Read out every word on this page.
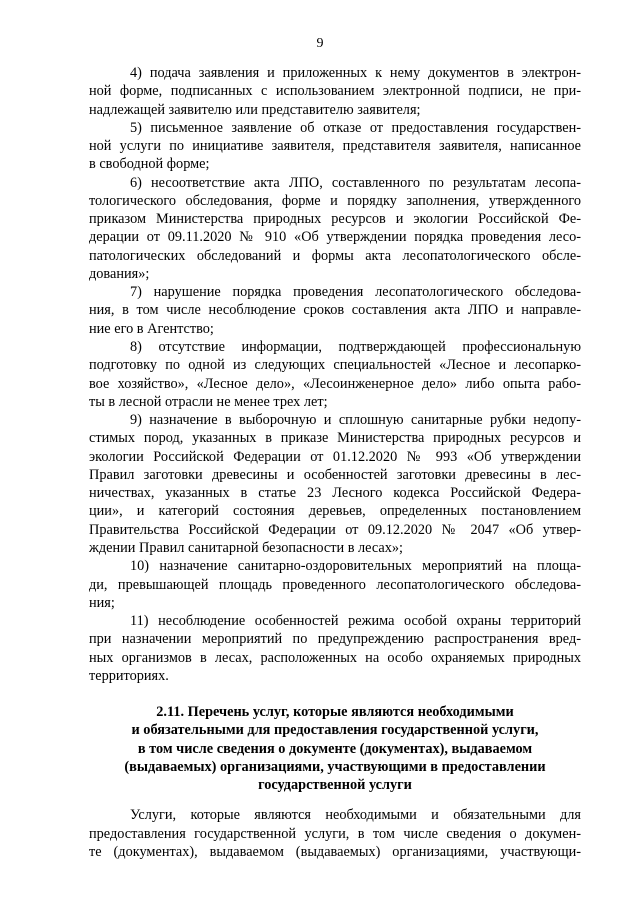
9
4) подача заявления и приложенных к нему документов в электрон-
ной форме, подписанных с использованием электронной подписи, не при-
надлежащей заявителю или представителю заявителя;
5) письменное заявление об отказе от предоставления государствен-
ной услуги по инициативе заявителя, представителя заявителя, написанное
в свободной форме;
6) несоответствие акта ЛПО, составленного по результатам лесопа-
тологического обследования, форме и порядку заполнения, утвержденного
приказом Министерства природных ресурсов и экологии Российской Фе-
дерации от 09.11.2020 № 910 «Об утверждении порядка проведения лесо-
патологических обследований и формы акта лесопатологического обсле-
дования»;
7) нарушение порядка проведения лесопатологического обследова-
ния, в том числе несоблюдение сроков составления акта ЛПО и направле-
ние его в Агентство;
8) отсутствие информации, подтверждающей профессиональную
подготовку по одной из следующих специальностей «Лесное и лесопарко-
вое хозяйство», «Лесное дело», «Лесоинженерное дело» либо опыта рабо-
ты в лесной отрасли не менее трех лет;
9) назначение в выборочную и сплошную санитарные рубки недопу-
стимых пород, указанных в приказе Министерства природных ресурсов и
экологии Российской Федерации от 01.12.2020 № 993 «Об утверждении
Правил заготовки древесины и особенностей заготовки древесины в лес-
ничествах, указанных в статье 23 Лесного кодекса Российской Федера-
ции», и категорий состояния деревьев, определенных постановлением
Правительства Российской Федерации от 09.12.2020 № 2047 «Об утвер-
ждении Правил санитарной безопасности в лесах»;
10) назначение санитарно-оздоровительных мероприятий на площа-
ди, превышающей площадь проведенного лесопатологического обследова-
ния;
11) несоблюдение особенностей режима особой охраны территорий
при назначении мероприятий по предупреждению распространения вред-
ных организмов в лесах, расположенных на особо охраняемых природных
территориях.
2.11. Перечень услуг, которые являются необходимыми
и обязательными для предоставления государственной услуги,
в том числе сведения о документе (документах), выдаваемом
(выдаваемых) организациями, участвующими в предоставлении
государственной услуги
Услуги, которые являются необходимыми и обязательными для
предоставления государственной услуги, в том числе сведения о докумен-
те (документах), выдаваемом (выдаваемых) организациями, участвующи-
